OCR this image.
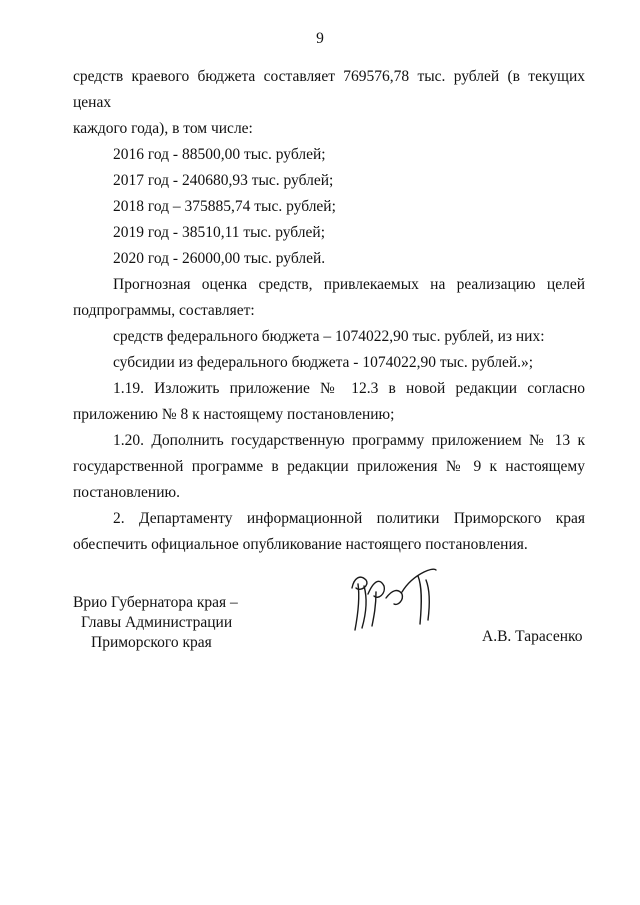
9
средств краевого бюджета составляет 769576,78 тыс. рублей (в текущих ценах
каждого года), в том числе:
2016 год - 88500,00 тыс. рублей;
2017 год - 240680,93 тыс. рублей;
2018 год – 375885,74 тыс. рублей;
2019 год - 38510,11 тыс. рублей;
2020 год - 26000,00 тыс. рублей.
Прогнозная оценка средств, привлекаемых на реализацию целей
подпрограммы, составляет:
средств федерального бюджета – 1074022,90 тыс. рублей, из них:
субсидии из федерального бюджета - 1074022,90 тыс. рублей.»;
1.19. Изложить приложение № 12.3 в новой редакции согласно
приложению № 8 к настоящему постановлению;
1.20. Дополнить государственную программу приложением № 13 к
государственной программе в редакции приложения № 9 к настоящему
постановлению.
2. Департаменту информационной политики Приморского края
обеспечить официальное опубликование настоящего постановления.
Врио Губернатора края –
Главы Администрации
Приморского края	А.В. Тарасенко
